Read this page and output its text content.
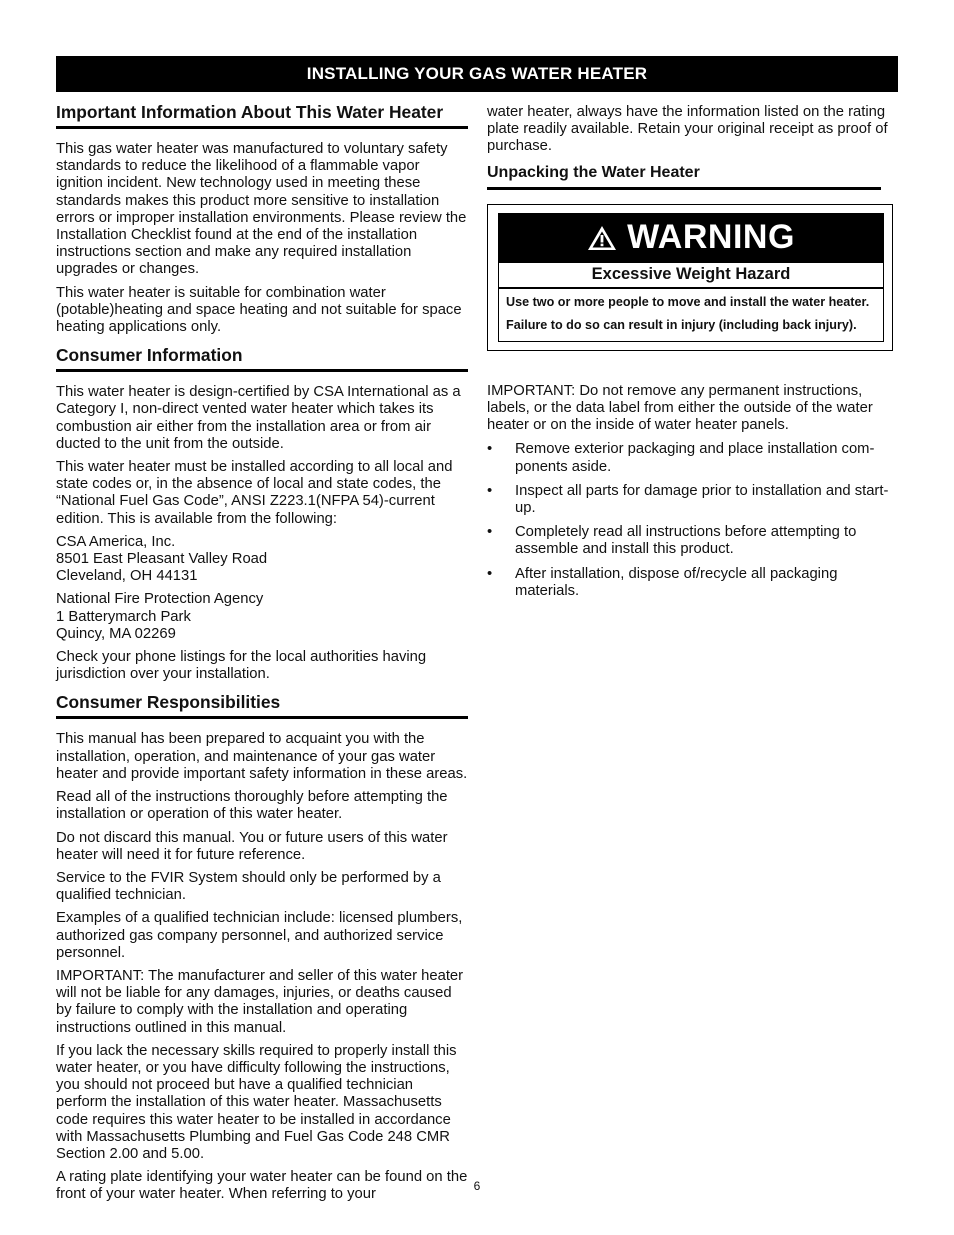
INSTALLING YOUR GAS WATER HEATER
Important Information About This Water Heater

This gas water heater was manufactured to voluntary safety standards to reduce the likelihood of a flammable vapor ignition incident. New technology used in meeting these standards makes this product more sensitive to installation errors or improper installation environments. Please review the Installation Checklist found at the end of the installation instructions section and make any required installation upgrades or changes.

This water heater is suitable for combination water (potable)heating and space heating and not suitable for space heating applications only.

Consumer Information

This water heater is design-certified by CSA International as a Category I, non-direct vented water heater which takes its combustion air either from the installation area or from air ducted to the unit from the outside.

This water heater must be installed according to all local and state codes or, in the absence of local and state codes, the “National Fuel Gas Code”, ANSI Z223.1(NFPA 54)-current edition. This is available from the following:

CSA America, Inc.
8501 East Pleasant Valley Road
Cleveland, OH 44131

National Fire Protection Agency
1 Batterymarch Park
Quincy, MA 02269

Check your phone listings for the local authorities having jurisdiction over your installation.

Consumer Responsibilities

This manual has been prepared to acquaint you with the installation, operation, and maintenance of your gas water heater and provide important safety information in these areas.

Read all of the instructions thoroughly before attempting the installation or operation of this water heater.

Do not discard this manual. You or future users of this water heater will need it for future reference.

Service to the FVIR System should only be performed by a qualified technician.

Examples of a qualified technician include: licensed plumbers, authorized gas company personnel, and authorized service personnel.

IMPORTANT: The manufacturer and seller of this water heater will not be liable for any damages, injuries, or deaths caused by failure to comply with the installation and operating instructions outlined in this manual.

If you lack the necessary skills required to properly install this water heater, or you have difficulty following the instructions, you should not proceed but have a qualified technician perform the installation of this water heater. Massachusetts code requires this water heater to be installed in accordance with Massachusetts Plumbing and Fuel Gas Code 248 CMR Section 2.00 and 5.00.

A rating plate identifying your water heater can be found on the front of your water heater. When referring to your

water heater, always have the information listed on the rating plate readily available. Retain your original receipt as proof of purchase.

Unpacking the Water Heater
WARNING
Excessive Weight Hazard
Use two or more people to move and install the water heater.
Failure to do so can result in injury (including back injury).

IMPORTANT: Do not remove any permanent instructions, labels, or the data label from either the outside of the water heater or on the inside of water heater panels.

• Remove exterior packaging and place installation com-ponents aside.
• Inspect all parts for damage prior to installation and start-up.
• Completely read all instructions before attempting to assemble and install this product.
• After installation, dispose of/recycle all packaging materials.
6
